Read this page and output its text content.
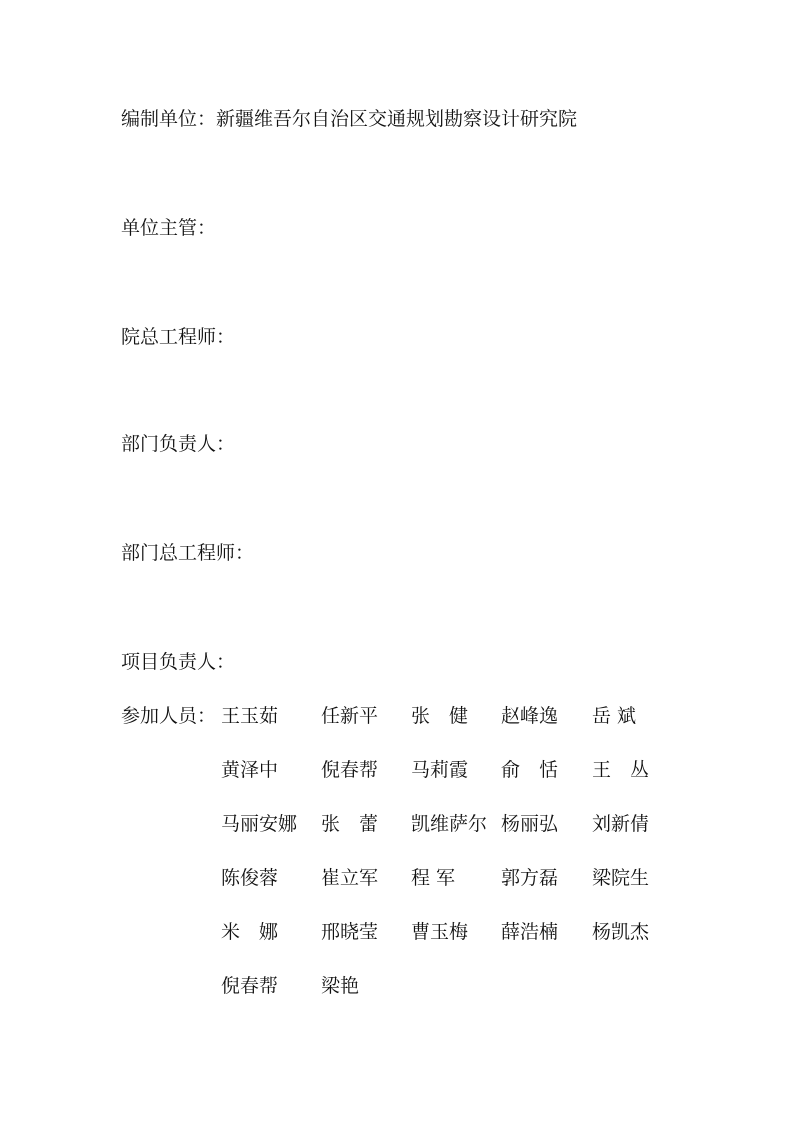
编制单位：新疆维吾尔自治区交通规划勘察设计研究院
单位主管：
院总工程师：
部门负责人：
部门总工程师：
项目负责人：
参加人员： 王玉茹 任新平 张　健 赵峰逸 岳 斌
黄泽中 倪春帮 马莉霞 俞　恬 王　丛
马丽安娜 张　蕾 凯维萨尔 杨丽弘 刘新倩
陈俊蓉 崔立军 程 军 郭方磊 梁院生
米　娜 邢晓莹 曹玉梅 薛浩楠 杨凯杰
倪春帮 梁艳
